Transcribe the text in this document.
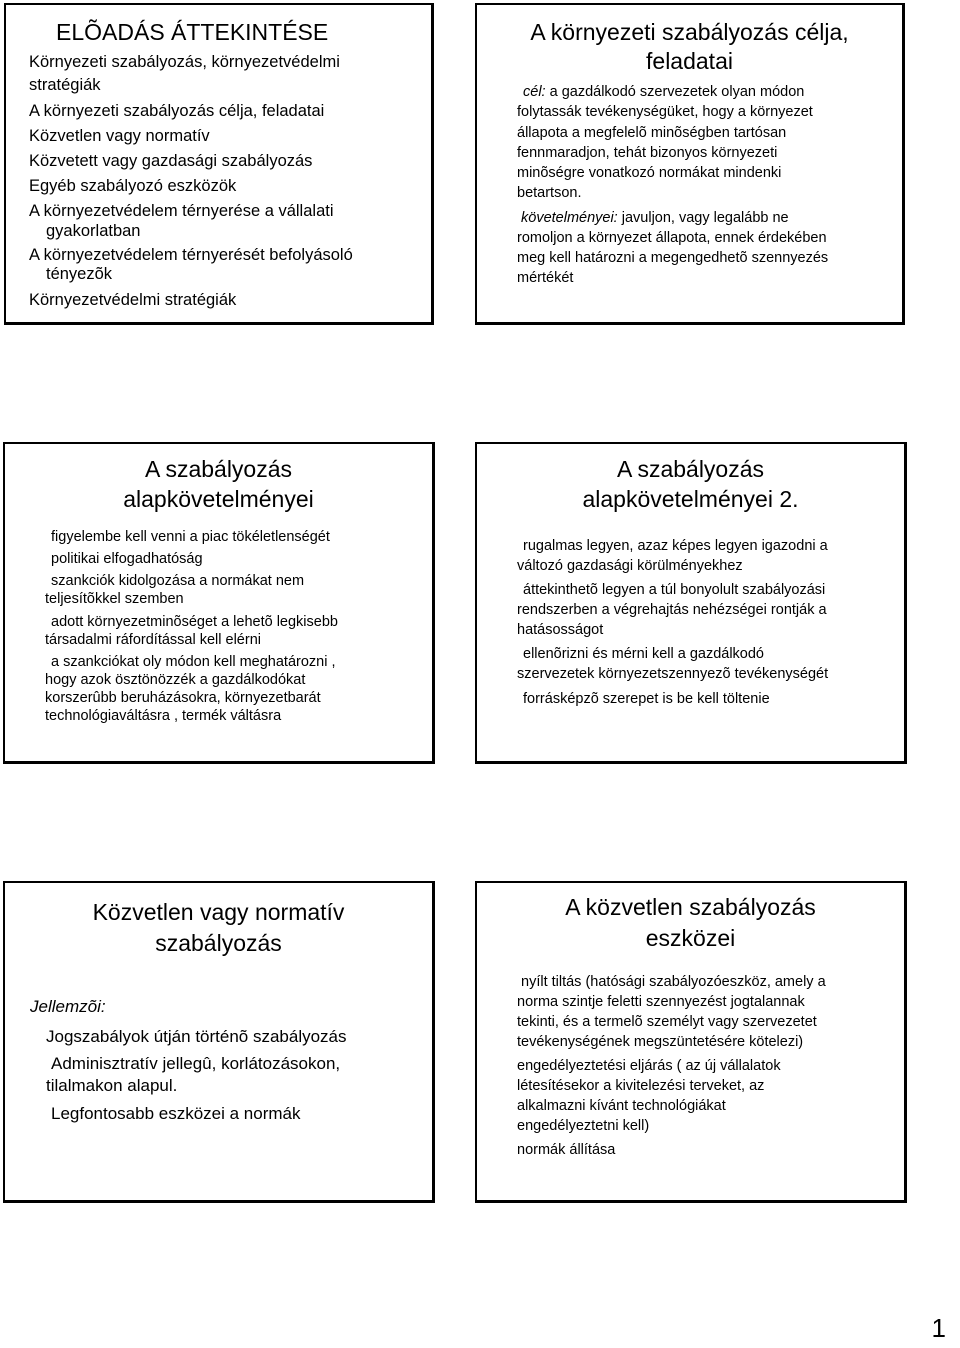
ELÕADÁS ÁTTEKINTÉSE
Környezeti szabályozás, környezetvédelmi
stratégiák
A környezeti szabályozás célja, feladatai
Közvetlen vagy normatív
Közvetett vagy gazdasági szabályozás
Egyéb szabályozó eszközök
A környezetvédelem térnyerése a vállalati
gyakorlatban
A környezetvédelem térnyerését befolyásoló
tényezõk
Környezetvédelmi stratégiák
A környezeti szabályozás célja,
feladatai
cél: a gazdálkodó szervezetek olyan módon
folytassák tevékenységüket, hogy a környezet
állapota a megfelelõ minõségben tartósan
fennmaradjon, tehát bizonyos környezeti
minõségre vonatkozó normákat mindenki
betartson.
követelményei: javuljon, vagy legalább ne
romoljon a környezet állapota, ennek érdekében
meg kell határozni a megengedhetõ szennyezés
mértékét
A szabályozás
alapkövetelményei
figyelembe kell venni a piac tökéletlenségét
politikai elfogadhatóság
szankciók kidolgozása a normákat nem
teljesítõkkel szemben
adott környezetminõséget a lehetõ legkisebb
társadalmi ráfordítással kell elérni
a szankciókat oly módon kell meghatározni ,
hogy azok ösztönözzék a gazdálkodókat
korszerûbb beruházásokra, környezetbarát
technológiaváltásra , termék váltásra
A szabályozás
alapkövetelményei 2.
rugalmas legyen, azaz képes legyen igazodni a
változó gazdasági körülményekhez
áttekinthetõ legyen a túl bonyolult szabályozási
rendszerben a végrehajtás nehézségei rontják a
hatásosságot
ellenõrizni és mérni kell a gazdálkodó
szervezetek környezetszennyezõ tevékenységét
forrásképzõ szerepet is be kell töltenie
Közvetlen vagy normatív
szabályozás
Jellemzõi:
Jogszabályok útján történõ szabályozás
Adminisztratív jellegû, korlátozásokon,
tilalmakon alapul.
Legfontosabb eszközei a normák
A közvetlen szabályozás
eszközei
nyílt tiltás (hatósági szabályozóeszköz, amely a
norma szintje feletti szennyezést jogtalannak
tekinti, és a termelõ személyt vagy szervezetet
tevékenységének megszüntetésére kötelezi)
engedélyeztetési eljárás ( az új vállalatok
létesítésekor a kivitelezési terveket, az
alkalmazni kívánt technológiákat
engedélyeztetni kell)
normák állítása
1
